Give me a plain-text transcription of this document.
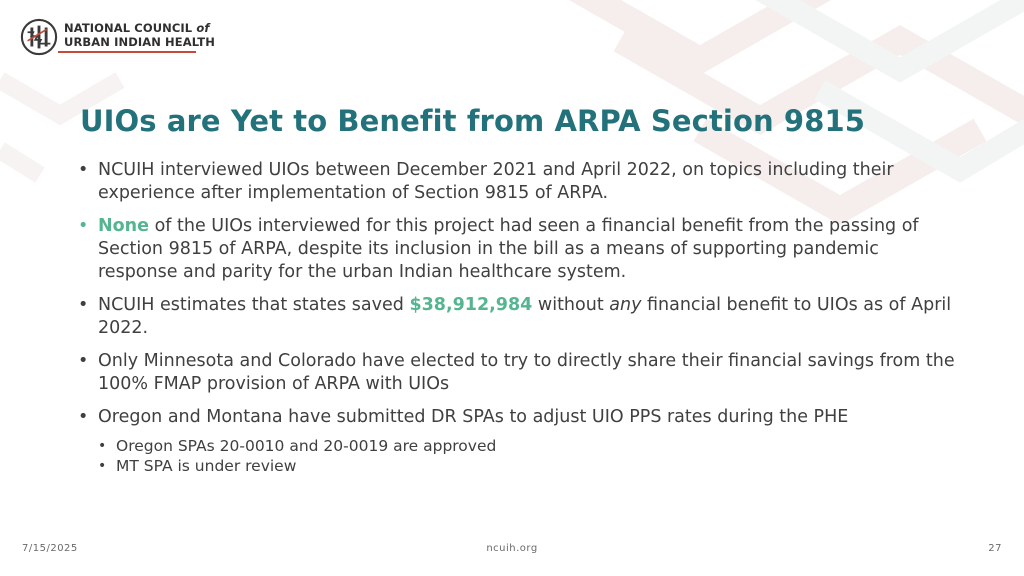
NATIONAL COUNCIL of
URBAN INDIAN HEALTH
UIOs are Yet to Benefit from ARPA Section 9815
• NCUIH interviewed UIOs between December 2021 and April 2022, on topics including their experience after implementation of Section 9815 of ARPA.
• None of the UIOs interviewed for this project had seen a financial benefit from the passing of Section 9815 of ARPA, despite its inclusion in the bill as a means of supporting pandemic response and parity for the urban Indian healthcare system.
• NCUIH estimates that states saved $38,912,984 without any financial benefit to UIOs as of April 2022.
• Only Minnesota and Colorado have elected to try to directly share their financial savings from the 100% FMAP provision of ARPA with UIOs
• Oregon and Montana have submitted DR SPAs to adjust UIO PPS rates during the PHE
• Oregon SPAs 20-0010 and 20-0019 are approved
• MT SPA is under review
7/15/2025	ncuih.org	27
